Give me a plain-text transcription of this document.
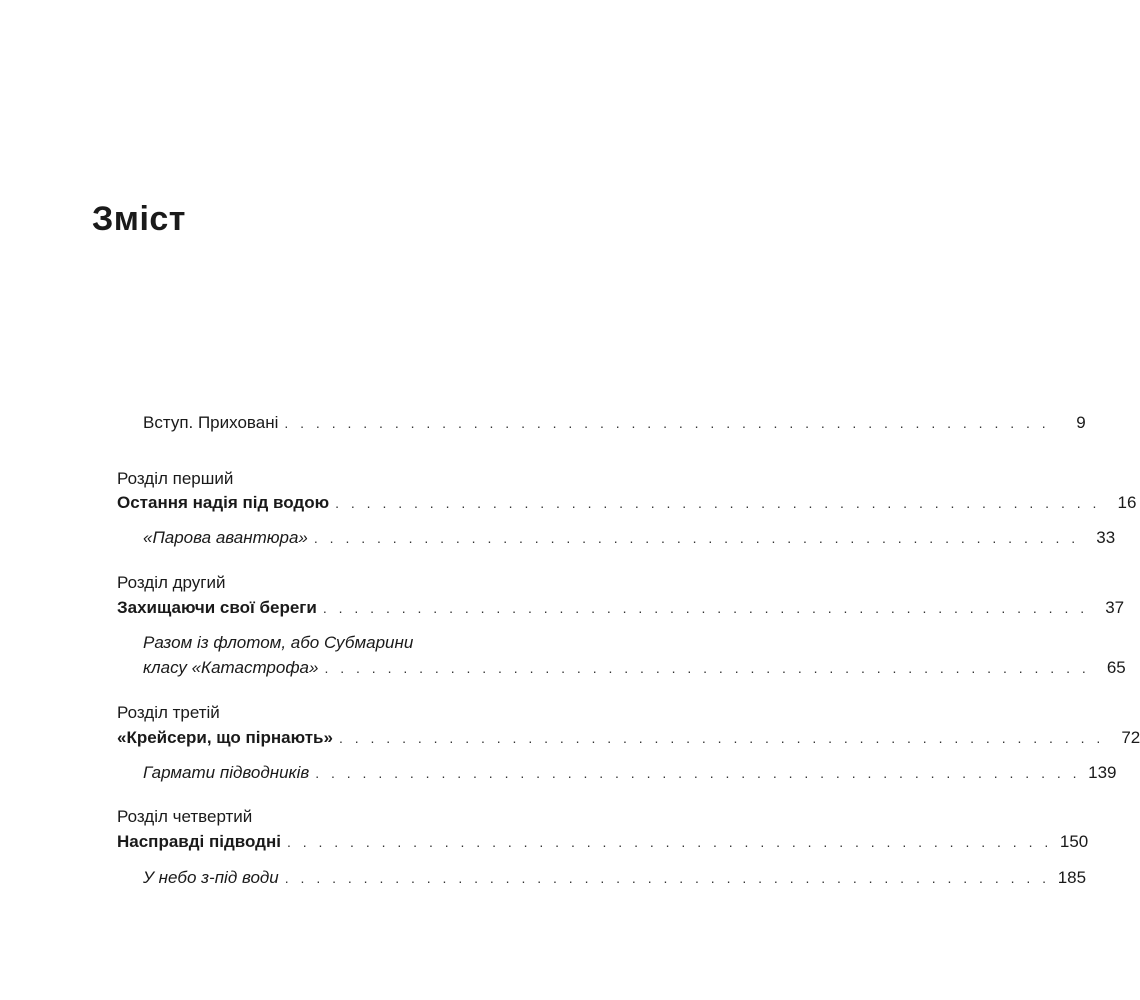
Зміст
Вступ. Приховані . . . . . . . . . . . . . . . . . . . . . . . . . . . . . . . . . . . . . . . . . . . . . . . . .	9
Розділ перший
Остання надія під водою . . . . . . . . . . . . . . . . . . . . . . . . . . . . . . . . . . . . . . . . . . . . . . . . .	16
«Парова авантюра» . . . . . . . . . . . . . . . . . . . . . . . . . . . . . . . . . . . . . . . . . . . . . . . . .	33
Розділ другий
Захищаючи свої береги . . . . . . . . . . . . . . . . . . . . . . . . . . . . . . . . . . . . . . . . . . . . . . . . .	37
Разом із флотом, або Субмарини
класу «Катастрофа» . . . . . . . . . . . . . . . . . . . . . . . . . . . . . . . . . . . . . . . . . . . . . . . . .	65
Розділ третій
«Крейсери, що пірнають» . . . . . . . . . . . . . . . . . . . . . . . . . . . . . . . . . . . . . . . . . . . . . . . . .	72
Гармати підводників . . . . . . . . . . . . . . . . . . . . . . . . . . . . . . . . . . . . . . . . . . . . . . . . . 139
Розділ четвертий
Насправді підводні . . . . . . . . . . . . . . . . . . . . . . . . . . . . . . . . . . . . . . . . . . . . . . . . . 150
У небо з-під води . . . . . . . . . . . . . . . . . . . . . . . . . . . . . . . . . . . . . . . . . . . . . . . . . 185
